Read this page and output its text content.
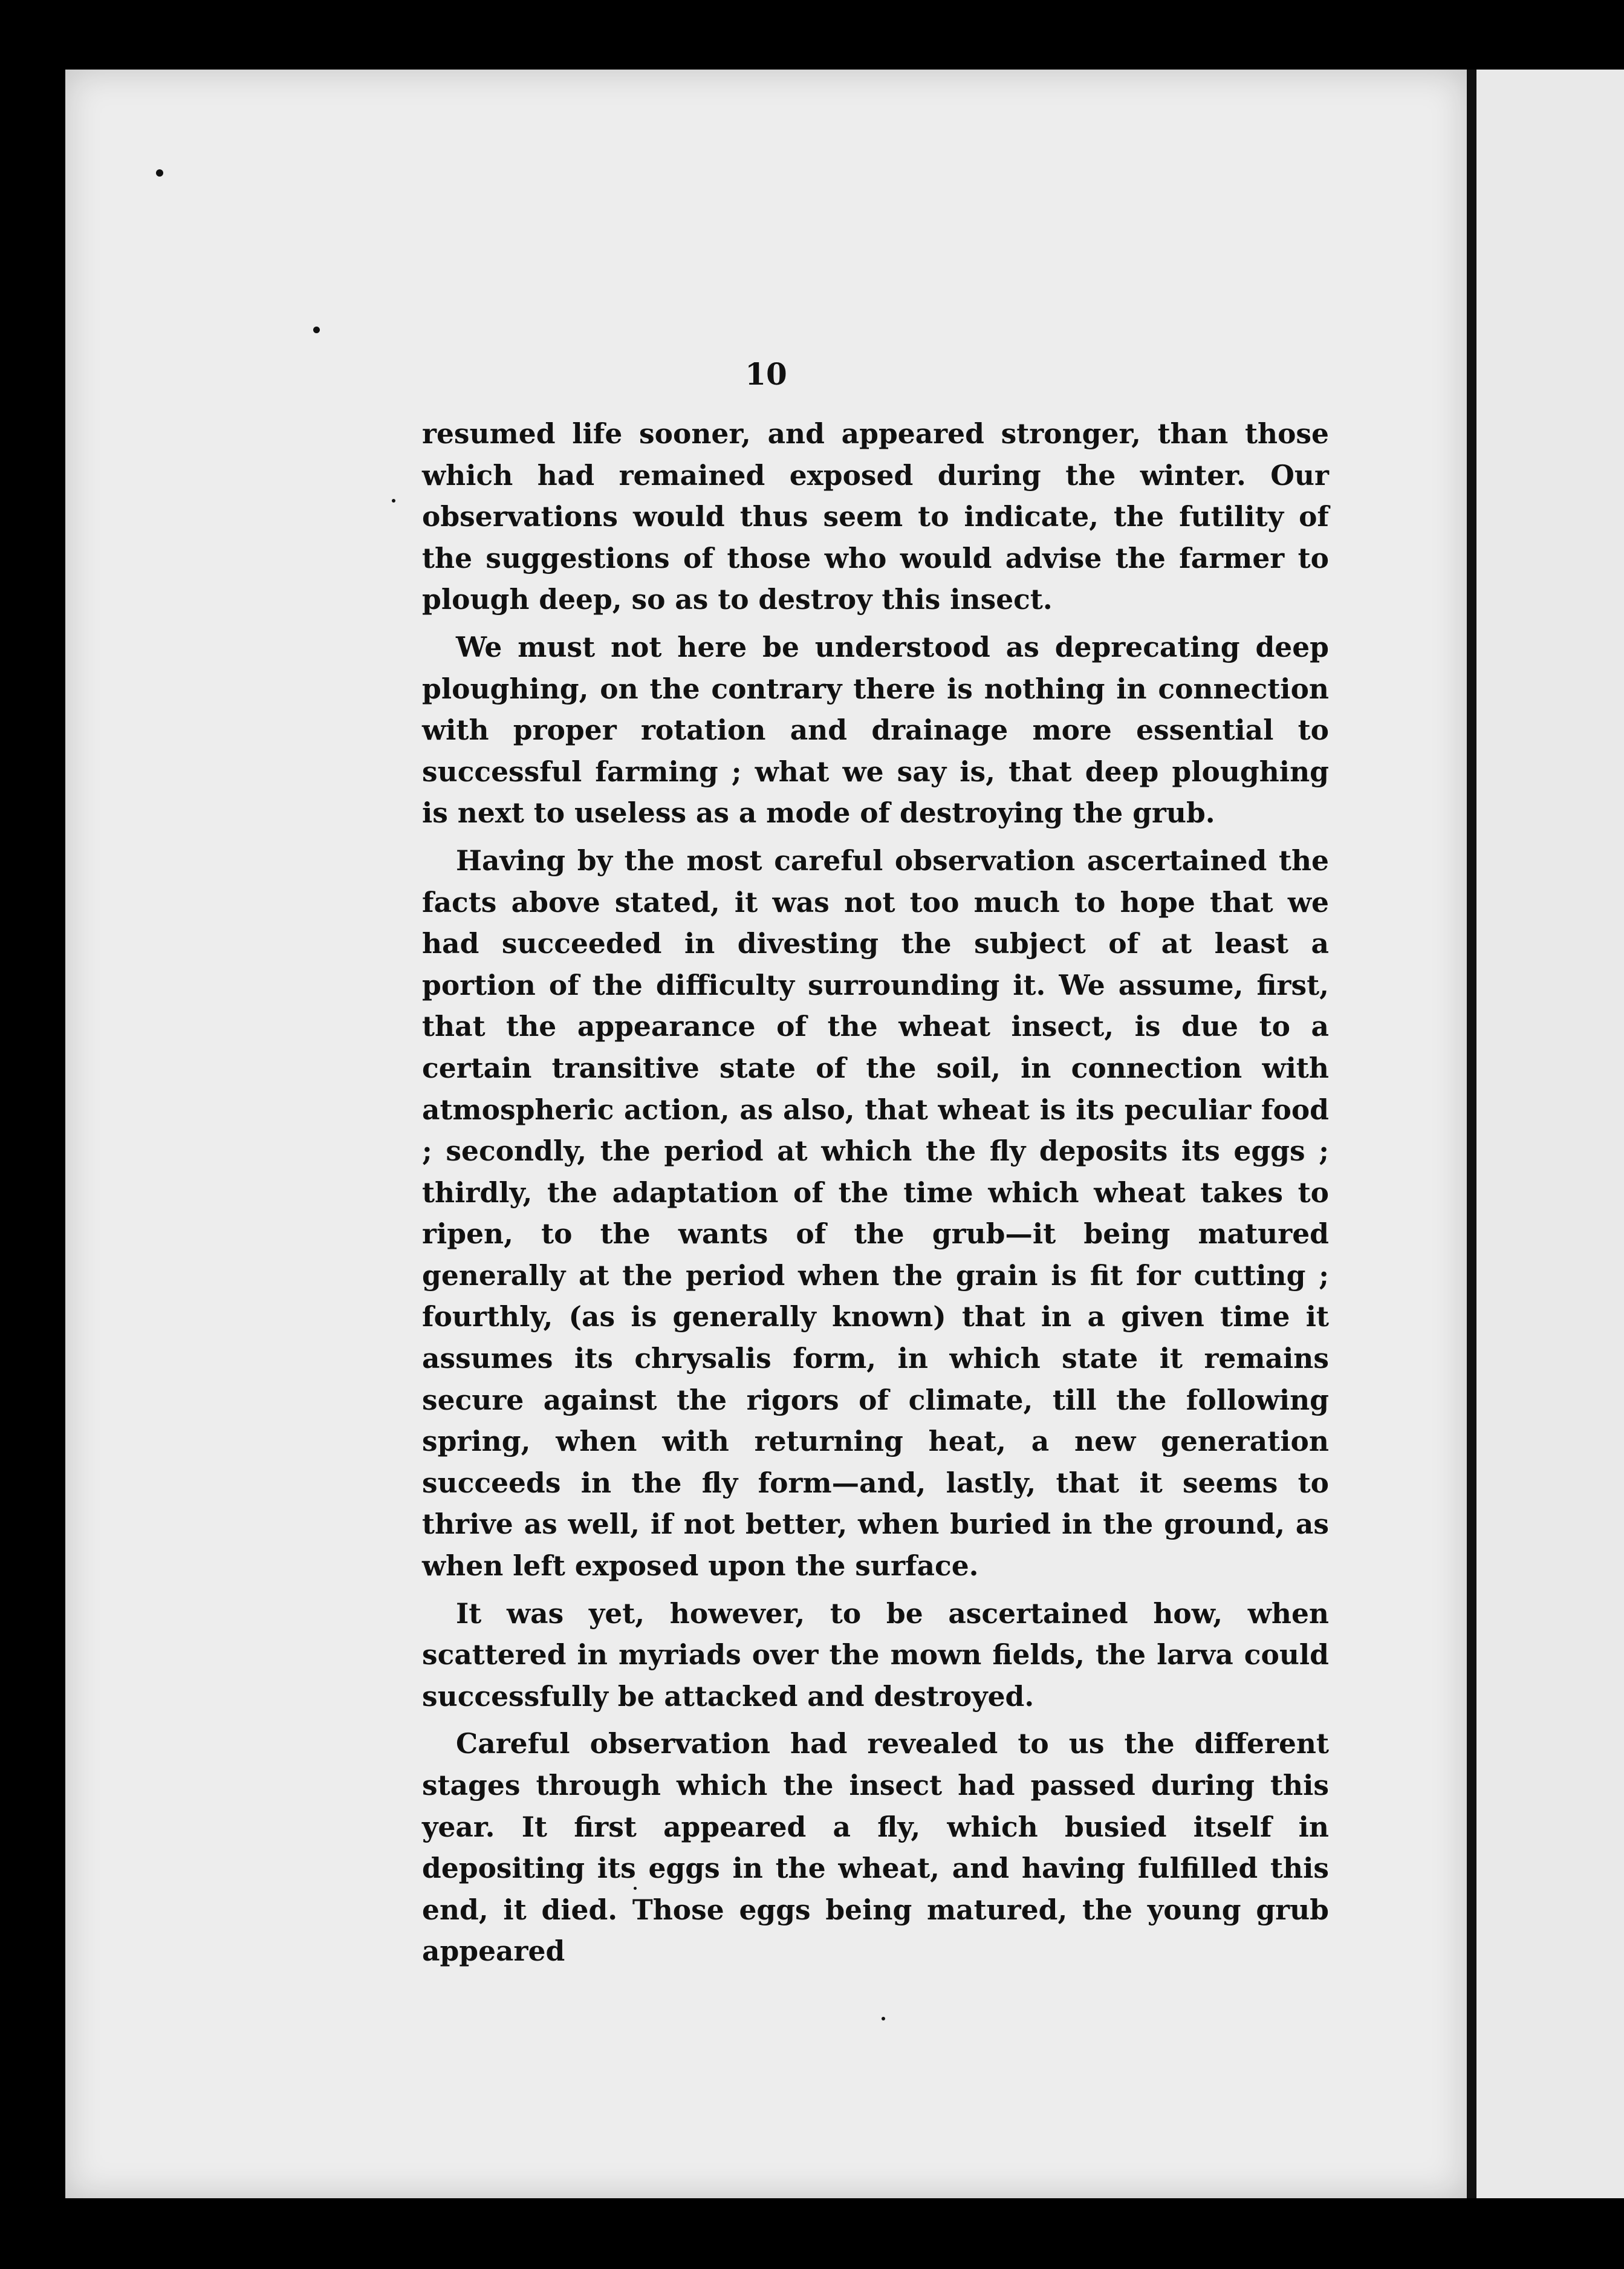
10

resumed life sooner, and appeared stronger, than those which had remained exposed during the winter. Our observations would thus seem to indicate, the futility of the suggestions of those who would advise the farmer to plough deep, so as to destroy this insect.

We must not here be understood as deprecating deep ploughing, on the contrary there is nothing in connection with proper rotation and drainage more essential to successful farming ; what we say is, that deep ploughing is next to useless as a mode of destroying the grub.

Having by the most careful observation ascertained the facts above stated, it was not too much to hope that we had succeeded in divesting the subject of at least a portion of the difficulty surrounding it. We assume, first, that the appearance of the wheat insect, is due to a certain transitive state of the soil, in connection with atmospheric action, as also, that wheat is its peculiar food ; secondly, the period at which the fly deposits its eggs ; thirdly, the adaptation of the time which wheat takes to ripen, to the wants of the grub—it being matured generally at the period when the grain is fit for cutting ; fourthly, (as is generally known) that in a given time it assumes its chrysalis form, in which state it remains secure against the rigors of climate, till the following spring, when with returning heat, a new generation succeeds in the fly form—and, lastly, that it seems to thrive as well, if not better, when buried in the ground, as when left exposed upon the surface.

It was yet, however, to be ascertained how, when scattered in myriads over the mown fields, the larva could successfully be attacked and destroyed.

Careful observation had revealed to us the different stages through which the insect had passed during this year. It first appeared a fly, which busied itself in depositing its eggs in the wheat, and having fulfilled this end, it died. Those eggs being matured, the young grub appeared
